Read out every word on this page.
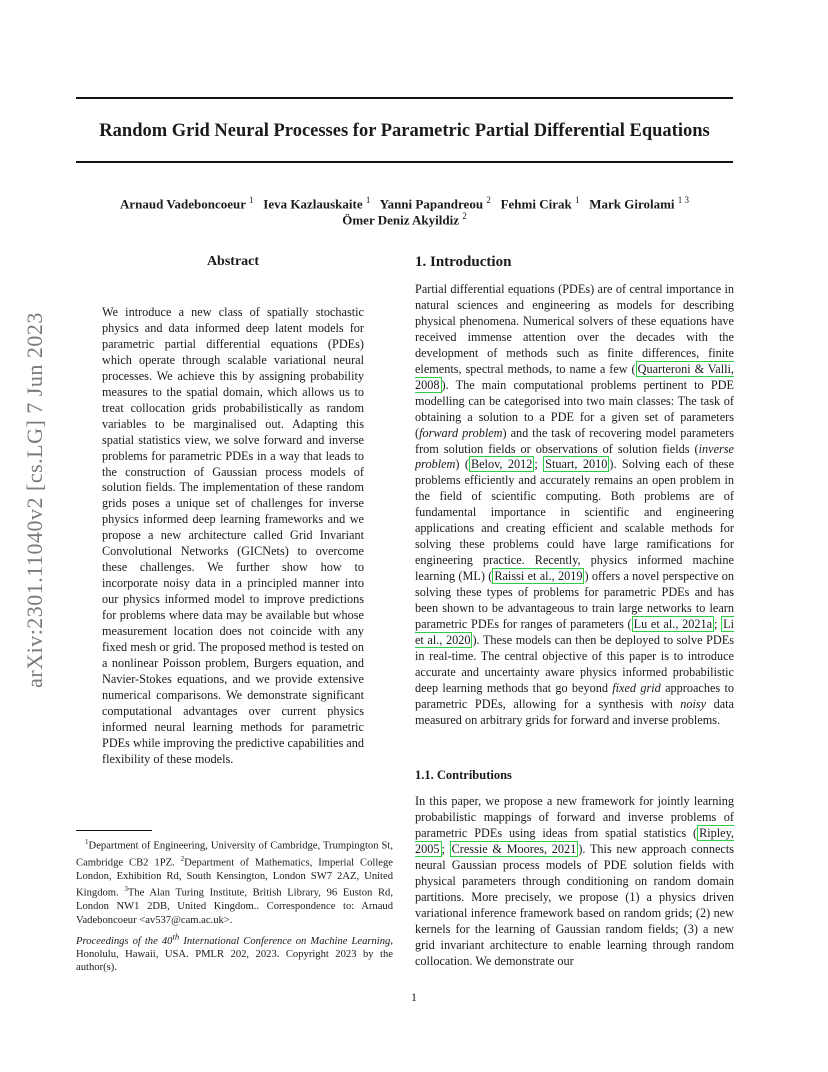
arXiv:2301.11040v2 [cs.LG] 7 Jun 2023
Random Grid Neural Processes for Parametric Partial Differential Equations
Arnaud Vadeboncoeur $^1$ Ieva Kazlauskaite $^1$ Yanni Papandreou $^2$ Fehmi Cirak $^1$ Mark Girolami $^{1 3}$
Ömer Deniz Akyildiz $^2$
Abstract

We introduce a new class of spatially stochastic physics and data informed deep latent models for parametric partial differential equations (PDEs) which operate through scalable variational neural processes. We achieve this by assigning probability measures to the spatial domain, which allows us to treat collocation grids probabilistically as random variables to be marginalised out. Adapting this spatial statistics view, we solve forward and inverse problems for parametric PDEs in a way that leads to the construction of Gaussian process models of solution fields. The implementation of these random grids poses a unique set of challenges for inverse physics informed deep learning frameworks and we propose a new architecture called Grid Invariant Convolutional Networks (GICNets) to overcome these challenges. We further show how to incorporate noisy data in a principled manner into our physics informed model to improve predictions for problems where data may be available but whose measurement location does not coincide with any fixed mesh or grid. The proposed method is tested on a nonlinear Poisson problem, Burgers equation, and Navier-Stokes equations, and we provide extensive numerical comparisons. We demonstrate significant computational advantages over current physics informed neural learning methods for parametric PDEs while improving the predictive capabilities and flexibility of these models.

1. Introduction

Partial differential equations (PDEs) are of central importance in natural sciences and engineering as models for describing physical phenomena. Numerical solvers of these equations have received immense attention over the decades with the development of methods such as finite differences, finite elements, spectral methods, to name a few ( Quarteroni & Valli, 2008 ). The main computational problems pertinent to PDE modelling can be categorised into two main classes: The task of obtaining a solution to a PDE for a given set of parameters (forward problem) and the task of recovering model parameters from solution fields or observations of solution fields (inverse problem) ( Belov, 2012 ; Stuart, 2010 ). Solving each of these problems efficiently and accurately remains an open problem in the field of scientific computing. Both problems are of fundamental importance in scientific and engineering applications and creating efficient and scalable methods for solving these problems could have large ramifications for engineering practice. Recently, physics informed machine learning (ML) ( Raissi et al., 2019 ) offers a novel perspective on solving these types of problems for parametric PDEs and has been shown to be advantageous to train large networks to learn parametric PDEs for ranges of parameters ( Lu et al., 2021a ; Li et al., 2020 ). These models can then be deployed to solve PDEs in real-time. The central objective of this paper is to introduce accurate and uncertainty aware physics informed probabilistic deep learning methods that go beyond fixed grid approaches to parametric PDEs, allowing for a synthesis with noisy data measured on arbitrary grids for forward and inverse problems.

1.1. Contributions

In this paper, we propose a new framework for jointly learning probabilistic mappings of forward and inverse problems of parametric PDEs using ideas from spatial statistics ( Ripley, 2005 ; Cressie & Moores, 2021 ). This new approach connects neural Gaussian process models of PDE solution fields with physical parameters through conditioning on random domain partitions. More precisely, we propose (1) a physics driven variational inference framework based on random grids; (2) new kernels for the learning of Gaussian random fields; (3) a new grid invariant architecture to enable learning through random collocation. We demonstrate our

$^1$Department of Engineering, University of Cambridge, Trumpington St, Cambridge CB2 1PZ. $^2$Department of Mathematics, Imperial College London, Exhibition Rd, South Kensington, London SW7 2AZ, United Kingdom. $^3$The Alan Turing Institute, British Library, 96 Euston Rd, London NW1 2DB, United Kingdom.. Correspondence to: Arnaud Vadeboncoeur <av537@cam.ac.uk>.
Proceedings of the 40th International Conference on Machine Learning, Honolulu, Hawaii, USA. PMLR 202, 2023. Copyright 2023 by the author(s).
1
